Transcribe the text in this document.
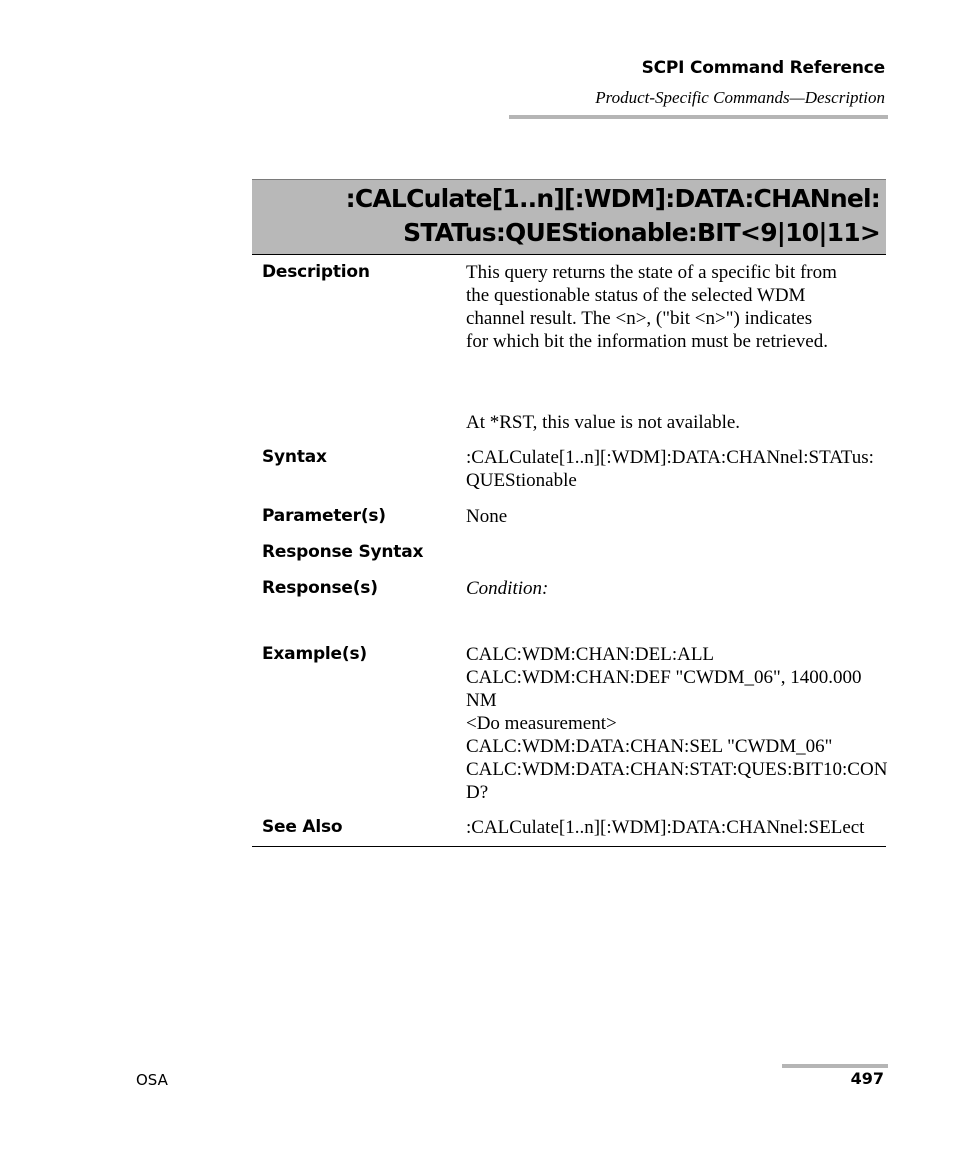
SCPI Command Reference
Product-Specific Commands—Description
:CALCulate[1..n][:WDM]:DATA:CHANnel:
STATus:QUEStionable:BIT<9|10|11>
Description	This query returns the state of a specific bit from
the questionable status of the selected WDM
channel result. The <n>, ("bit <n>") indicates
for which bit the information must be retrieved.
At *RST, this value is not available.
Syntax	:CALCulate[1..n][:WDM]:DATA:CHANnel:STATus:
QUEStionable
Parameter(s)	None
Response Syntax
Response(s)	Condition:
Example(s)	CALC:WDM:CHAN:DEL:ALL
CALC:WDM:CHAN:DEF "CWDM_06", 1400.000
NM
<Do measurement>
CALC:WDM:DATA:CHAN:SEL "CWDM_06"
CALC:WDM:DATA:CHAN:STAT:QUES:BIT10:CON
D?
See Also	:CALCulate[1..n][:WDM]:DATA:CHANnel:SELect
OSA	497
